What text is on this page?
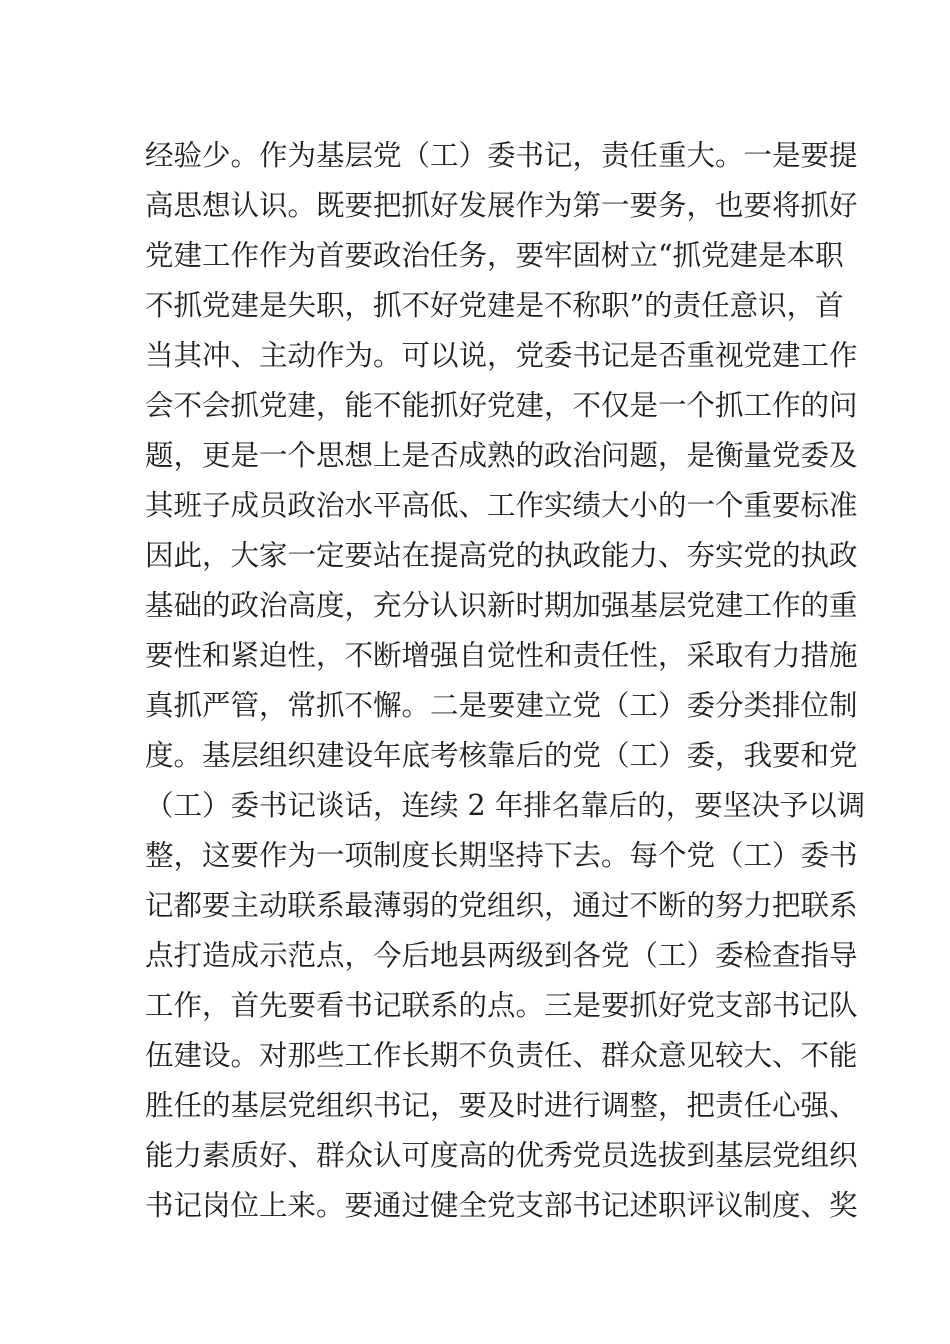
经验少。作为基层党（工）委书记，责任重大。一是要提
高思想认识。既要把抓好发展作为第一要务，也要将抓好
党建工作作为首要政治任务，要牢固树立“抓党建是本职
不抓党建是失职，抓不好党建是不称职”的责任意识，首
当其冲、主动作为。可以说，党委书记是否重视党建工作
会不会抓党建，能不能抓好党建，不仅是一个抓工作的问
题，更是一个思想上是否成熟的政治问题，是衡量党委及
其班子成员政治水平高低、工作实绩大小的一个重要标准
因此，大家一定要站在提高党的执政能力、夯实党的执政
基础的政治高度，充分认识新时期加强基层党建工作的重
要性和紧迫性，不断增强自觉性和责任性，采取有力措施
真抓严管，常抓不懈。二是要建立党（工）委分类排位制
度。基层组织建设年底考核靠后的党（工）委，我要和党
（工）委书记谈话，连续 2 年排名靠后的，要坚决予以调
整，这要作为一项制度长期坚持下去。每个党（工）委书
记都要主动联系最薄弱的党组织，通过不断的努力把联系
点打造成示范点，今后地县两级到各党（工）委检查指导
工作，首先要看书记联系的点。三是要抓好党支部书记队
伍建设。对那些工作长期不负责任、群众意见较大、不能
胜任的基层党组织书记，要及时进行调整，把责任心强、
能力素质好、群众认可度高的优秀党员选拔到基层党组织
书记岗位上来。要通过健全党支部书记述职评议制度、奖
